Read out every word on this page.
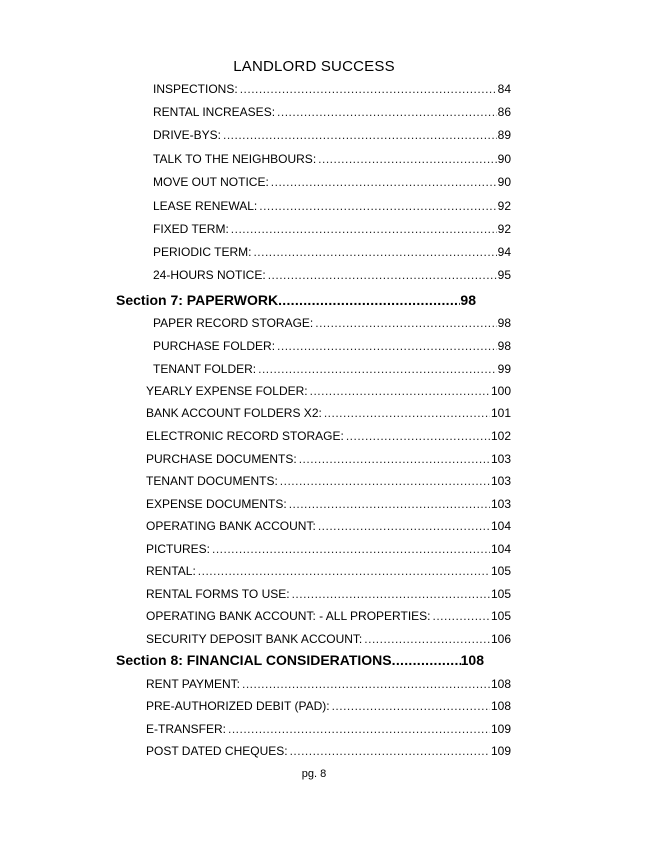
LANDLORD SUCCESS
INSPECTIONS: .....	84
RENTAL INCREASES: .....	86
DRIVE-BYS: .....	89
TALK TO THE NEIGHBOURS: .....	90
MOVE OUT NOTICE: .....	90
LEASE RENEWAL: .....	92
FIXED TERM: .....	92
PERIODIC TERM: .....	94
24-HOURS NOTICE: .....	95
Section 7: PAPERWORK .....	98
PAPER RECORD STORAGE: .....	98
PURCHASE FOLDER: .....	98
TENANT FOLDER: .....	99
YEARLY EXPENSE FOLDER: .....	100
BANK ACCOUNT FOLDERS X2: .....	101
ELECTRONIC RECORD STORAGE: .....	102
PURCHASE DOCUMENTS: .....	103
TENANT DOCUMENTS: .....	103
EXPENSE DOCUMENTS: .....	103
OPERATING BANK ACCOUNT: .....	104
PICTURES: .....	104
RENTAL: .....	105
RENTAL FORMS TO USE: .....	105
OPERATING BANK ACCOUNT: - ALL PROPERTIES: .....	105
SECURITY DEPOSIT BANK ACCOUNT: .....	106
Section 8: FINANCIAL CONSIDERATIONS .....	108
RENT PAYMENT: .....	108
PRE-AUTHORIZED DEBIT (PAD): .....	108
E-TRANSFER: .....	109
POST DATED CHEQUES: .....	109
pg. 8
